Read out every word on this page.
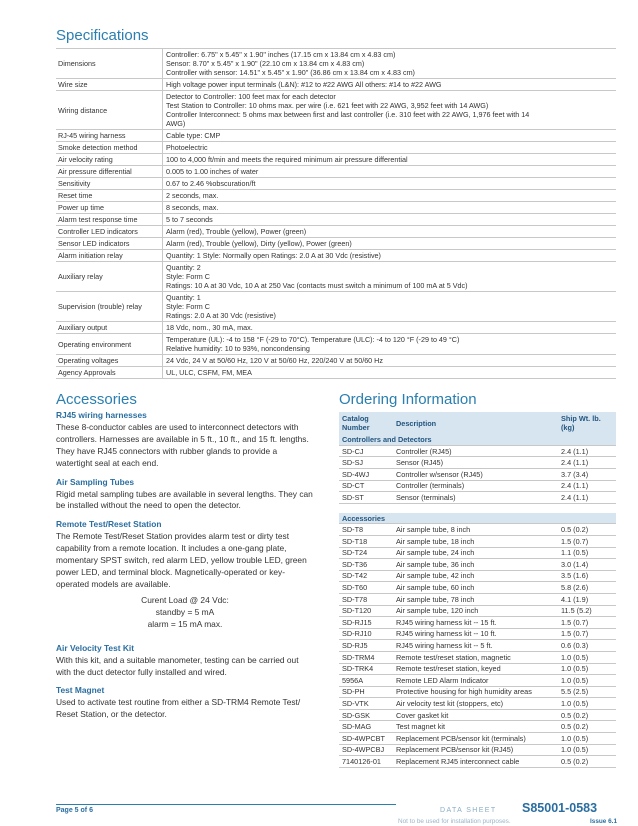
Specifications
Dimensions	Controller: 6.75" x 5.45" x 1.90" inches (17.15 cm x 13.84 cm x 4.83 cm)
Sensor: 8.70" x 5.45" x 1.90" (22.10 cm x 13.84 cm x 4.83 cm)
Controller with sensor: 14.51" x 5.45" x 1.90" (36.86 cm x 13.84 cm x 4.83 cm)

Wire size	High voltage power input terminals (L&N): #12 to #22 AWG All others: #14 to #22 AWG

Wiring distance	Detector to Controller: 100 feet max for each detector
Test Station to Controller: 10 ohms max. per wire (i.e. 621 feet with 22 AWG, 3,952 feet with 14 AWG)
Controller Interconnect: 5 ohms max between first and last controller (i.e. 310 feet with 22 AWG, 1,976 feet with 14
AWG)

RJ-45 wiring harness	Cable type: CMP

Smoke detection method	Photoelectric

Air velocity rating	100 to 4,000 ft/min and meets the required minimum air pressure differential

Air pressure differential	0.005 to 1.00 inches of water

Sensitivity	0.67 to 2.46 %obscuration/ft

Reset time	2 seconds, max.

Power up time	8 seconds, max.

Alarm test response time	5 to 7 seconds

Controller LED indicators	Alarm (red), Trouble (yellow), Power (green)

Sensor LED indicators	Alarm (red), Trouble (yellow), Dirty (yellow), Power (green)

Alarm initiation relay	Quantity: 1 Style: Normally open Ratings: 2.0 A at 30 Vdc (resistive)

Auxiliary relay	Quantity: 2
Style: Form C
Ratings: 10 A at 30 Vdc, 10 A at 250 Vac (contacts must switch a minimum of 100 mA at 5 Vdc)

Supervision (trouble) relay	Quantity: 1
Style: Form C
Ratings: 2.0 A at 30 Vdc (resistive)

Auxiliary output	18 Vdc, nom., 30 mA, max.

Operating environment	Temperature (UL): -4 to 158 °F (-29 to 70°C). Temperature (ULC): -4 to 120 °F (-29 to 49 °C)
Relative humidity: 10 to 93%, noncondensing

Operating voltages	24 Vdc, 24 V at 50/60 Hz, 120 V at 50/60 Hz, 220/240 V at 50/60 Hz

Agency Approvals	UL, ULC, CSFM, FM, MEA
Accessories
RJ45 wiring harnesses

These 8-conductor cables are used to interconnect detectors with controllers. Harnesses are available in 5 ft., 10 ft., and 15 ft. lengths. They have RJ45 connectors with rubber glands to provide a watertight seal at each end.

Air Sampling Tubes

Rigid metal sampling tubes are available in several lengths. They can be installed without the need to open the detector.

Remote Test/Reset Station

The Remote Test/Reset Station provides alarm test or dirty test capability from a remote location. It includes a one-gang plate, momentary SPST switch, red alarm LED, yellow trouble LED, green power LED, and terminal block. Magnetically-operated or key-operated models are available.

Curent Load @ 24 Vdc:
standby = 5 mA
alarm = 15 mA max.
Air Velocity Test Kit

With this kit, and a suitable manometer, testing can be carried out with the duct detector fully installed and wired.

Test Magnet

Used to activate test routine from either a SD-TRM4 Remote Test/ Reset Station, or the detector.

Ordering Information
Catalog Number	Description	Ship Wt. lb. (kg)
Controllers and Detectors		
SD-CJ	Controller (RJ45)	2.4 (1.1)
SD-SJ	Sensor (RJ45)	2.4 (1.1)
SD-4WJ	Controller w/sensor (RJ45)	3.7 (3.4)
SD-CT	Controller (terminals)	2.4 (1.1)
SD-ST	Sensor (terminals)	2.4 (1.1)

Accessories		
SD-T8	Air sample tube, 8 inch	0.5 (0.2)
SD-T18	Air sample tube, 18 inch	1.5 (0.7)
SD-T24	Air sample tube, 24 inch	1.1 (0.5)
SD-T36	Air sample tube, 36 inch	3.0 (1.4)
SD-T42	Air sample tube, 42 inch	3.5 (1.6)
SD-T60	Air sample tube, 60 inch	5.8 (2.6)
SD-T78	Air sample tube, 78 inch	4.1 (1.9)
SD-T120	Air sample tube, 120 inch	11.5 (5.2)
SD-RJ15	RJ45 wiring harness kit -- 15 ft.	1.5 (0.7)
SD-RJ10	RJ45 wiring harness kit -- 10 ft.	1.5 (0.7)
SD-RJ5	RJ45 wiring harness kit -- 5 ft.	0.6 (0.3)
SD-TRM4	Remote test/reset station, magnetic	1.0 (0.5)
SD-TRK4	Remote test/reset station, keyed	1.0 (0.5)
5956A	Remote LED Alarm Indicator	1.0 (0.5)
SD-PH	Protective housing for high humidity areas	5.5 (2.5)
SD-VTK	Air velocity test kit (stoppers, etc)	1.0 (0.5)
SD-GSK	Cover gasket kit	0.5 (0.2)
SD-MAG	Test magnet kit	0.5 (0.2)
SD-4WPCBT	Replacement PCB/sensor kit (terminals)	1.0 (0.5)
SD-4WPCBJ	Replacement PCB/sensor kit (RJ45)	1.0 (0.5)
7140126-01	Replacement RJ45 interconnect cable	0.5 (0.2)
Page 5 of 6	DATA SHEET S85001-0583
Not to be used for installation purposes.	Issue 6.1
